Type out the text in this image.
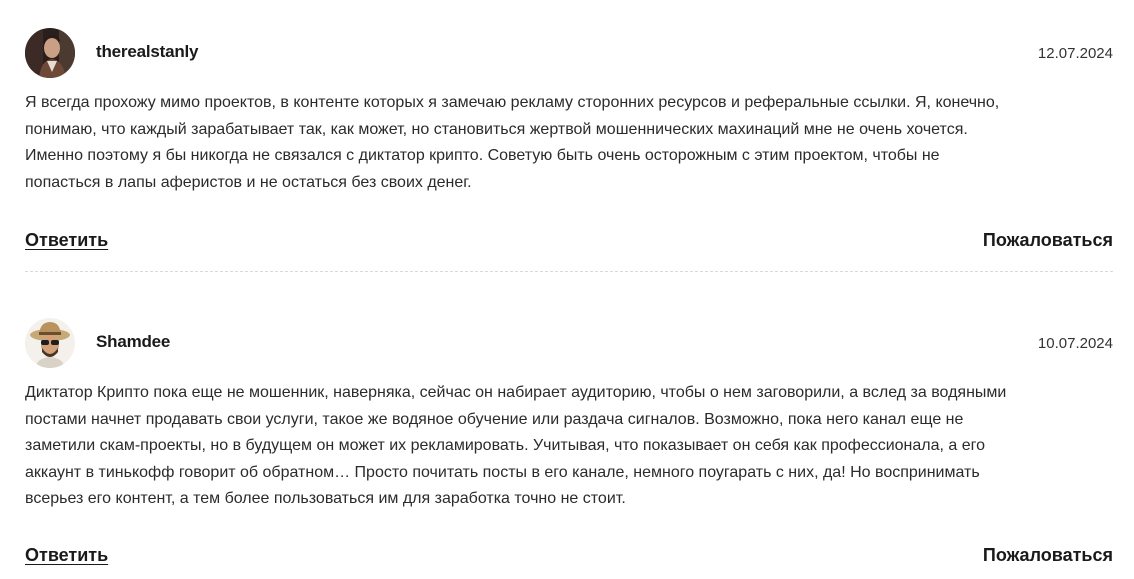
therealstanly	12.07.2024
Я всегда прохожу мимо проектов, в контенте которых я замечаю рекламу сторонних ресурсов и реферальные ссылки. Я, конечно,
понимаю, что каждый зарабатывает так, как может, но становиться жертвой мошеннических махинаций мне не очень хочется.
Именно поэтому я бы никогда не связался с диктатор крипто. Советую быть очень осторожным с этим проектом, чтобы не
попасться в лапы аферистов и не остаться без своих денег.
Ответить	Пожаловаться
Shamdee	10.07.2024
Диктатор Крипто пока еще не мошенник, наверняка, сейчас он набирает аудиторию, чтобы о нем заговорили, а вслед за водяными
постами начнет продавать свои услуги, такое же водяное обучение или раздача сигналов. Возможно, пока него канал еще не
заметили скам-проекты, но в будущем он может их рекламировать. Учитывая, что показывает он себя как профессионала, а его
аккаунт в тинькофф говорит об обратном… Просто почитать посты в его канале, немного поугарать с них, да! Но воспринимать
всерьез его контент, а тем более пользоваться им для заработка точно не стоит.
Ответить	Пожаловаться
